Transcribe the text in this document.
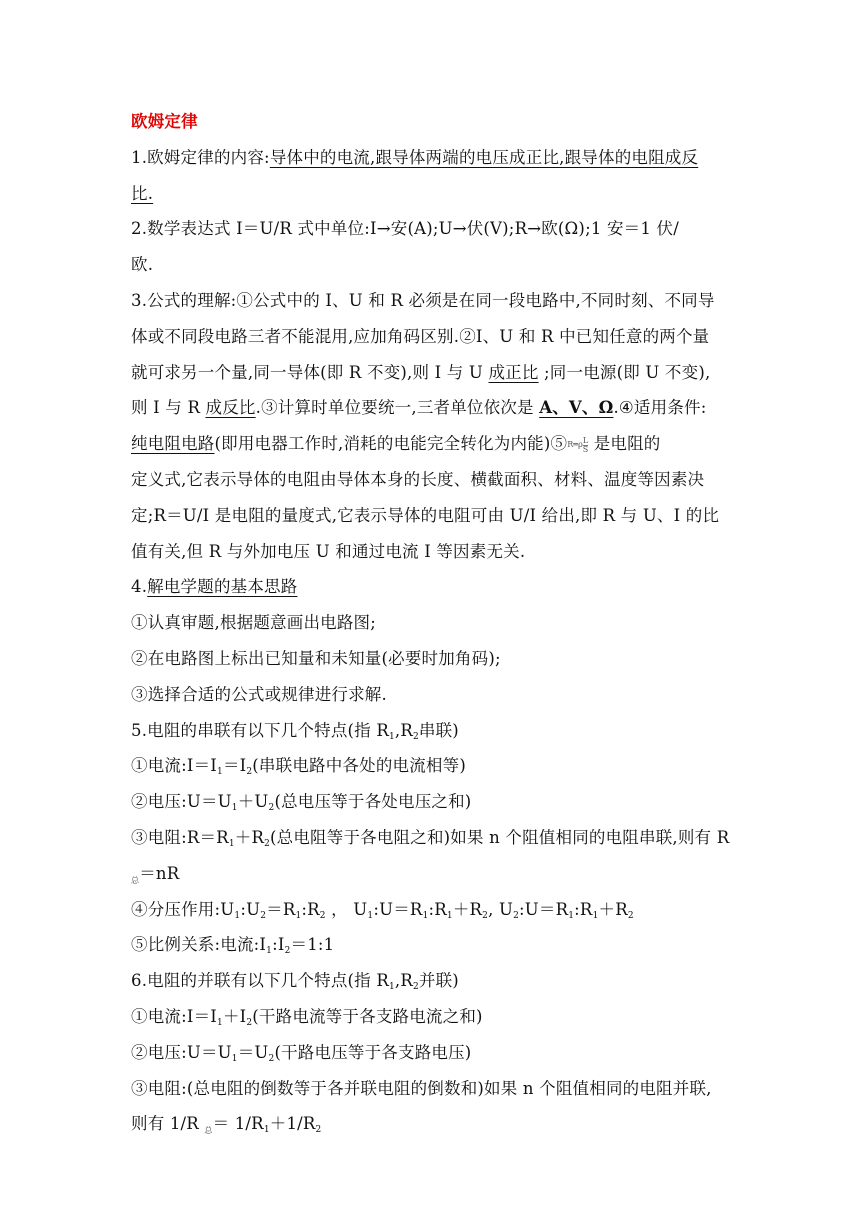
欧姆定律
1.欧姆定律的内容:导体中的电流,跟导体两端的电压成正比,跟导体的电阻成反
比.
2.数学表达式 I＝U/R 式中单位:I→安(A);U→伏(V);R→欧(Ω);1 安＝1 伏/
欧.
3.公式的理解:①公式中的 I、U 和 R 必须是在同一段电路中,不同时刻、不同导
体或不同段电路三者不能混用,应加角码区别.②I、U 和 R 中已知任意的两个量
就可求另一个量,同一导体(即 R 不变),则 I 与 U 成正比 ;同一电源(即 U 不变),
则 I 与 R 成反比.③计算时单位要统一,三者单位依次是 A、V、Ω.④适用条件:
纯电阻电路(即用电器工作时,消耗的电能完全转化为内能)⑤R═ρ $\frac{L}{S}$ 是电阻的
定义式,它表示导体的电阻由导体本身的长度、横截面积、材料、温度等因素决
定;R＝U/I 是电阻的量度式,它表示导体的电阻可由 U/I 给出,即 R 与 U、I 的比
值有关,但 R 与外加电压 U 和通过电流 I 等因素无关.
4.解电学题的基本思路
①认真审题,根据题意画出电路图;
②在电路图上标出已知量和未知量(必要时加角码);
③选择合适的公式或规律进行求解.
5.电阻的串联有以下几个特点(指 $R_1,R_2$串联)
①电流$:I=I_1=I_2$(串联电路中各处的电流相等)
②电压$:U=U_1+U_2$(总电压等于各处电压之和)
③电阻$:R=R_1+R_2$(总电阻等于各电阻之和)如果 n 个阻值相同的电阻串联,则有 R
$_总$＝nR
④分压作用$:U_1:U_2=R_1:R_2$ ， $U_1:U=R_1:R_1+R_2$, $U_2:U=R_1:R_1+R_2$
⑤比例关系:电流$:I_1:I_2=1:1$
6.电阻的并联有以下几个特点(指 $R_1,R_2$并联)
①电流$:I=I_1+I_2$(干路电流等于各支路电流之和)
②电压$:U=U_1=U_2$(干路电压等于各支路电压)
③电阻:(总电阻的倒数等于各并联电阻的倒数和)如果 n 个阻值相同的电阻并联,
则有 1/R $_总= 1/R_1+1/R_2$
